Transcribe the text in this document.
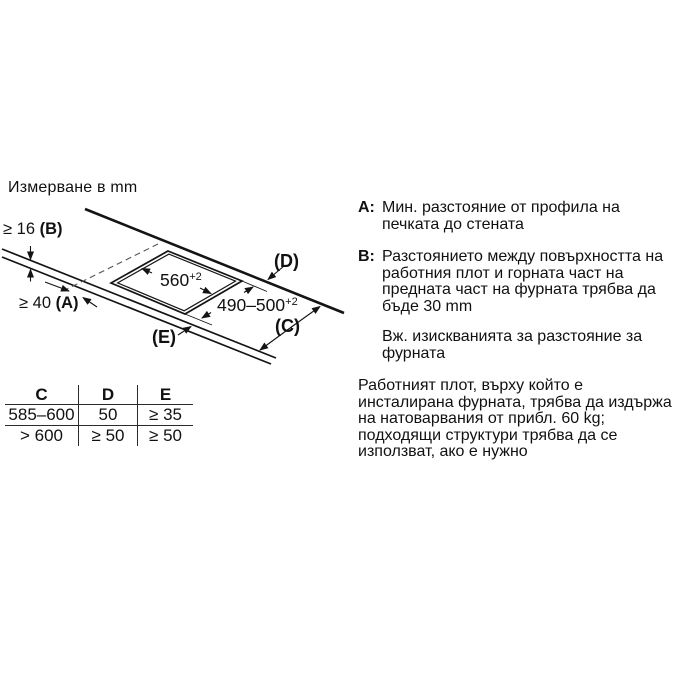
Измерване в mm
≥ 16 (B)
≥ 40 (A)
$560^{+2}$
$490-500^{+2}$
(D)
(C)
(E)
C	D	E
585–600	50	≥ 35
> 600	≥ 50	≥ 50
A: Мин. разстояние от профила на
печката до стената
B: Разстоянието между повърхността на
работния плот и горната част на
предната част на фурната трябва да
бъде 30 mm
Вж. изискванията за разстояние за
фурната
Работният плот, върху който е
инсталирана фурната, трябва да издържа
на натоварвания от прибл. 60 kg;
подходящи структури трябва да се
използват, ако е нужно
